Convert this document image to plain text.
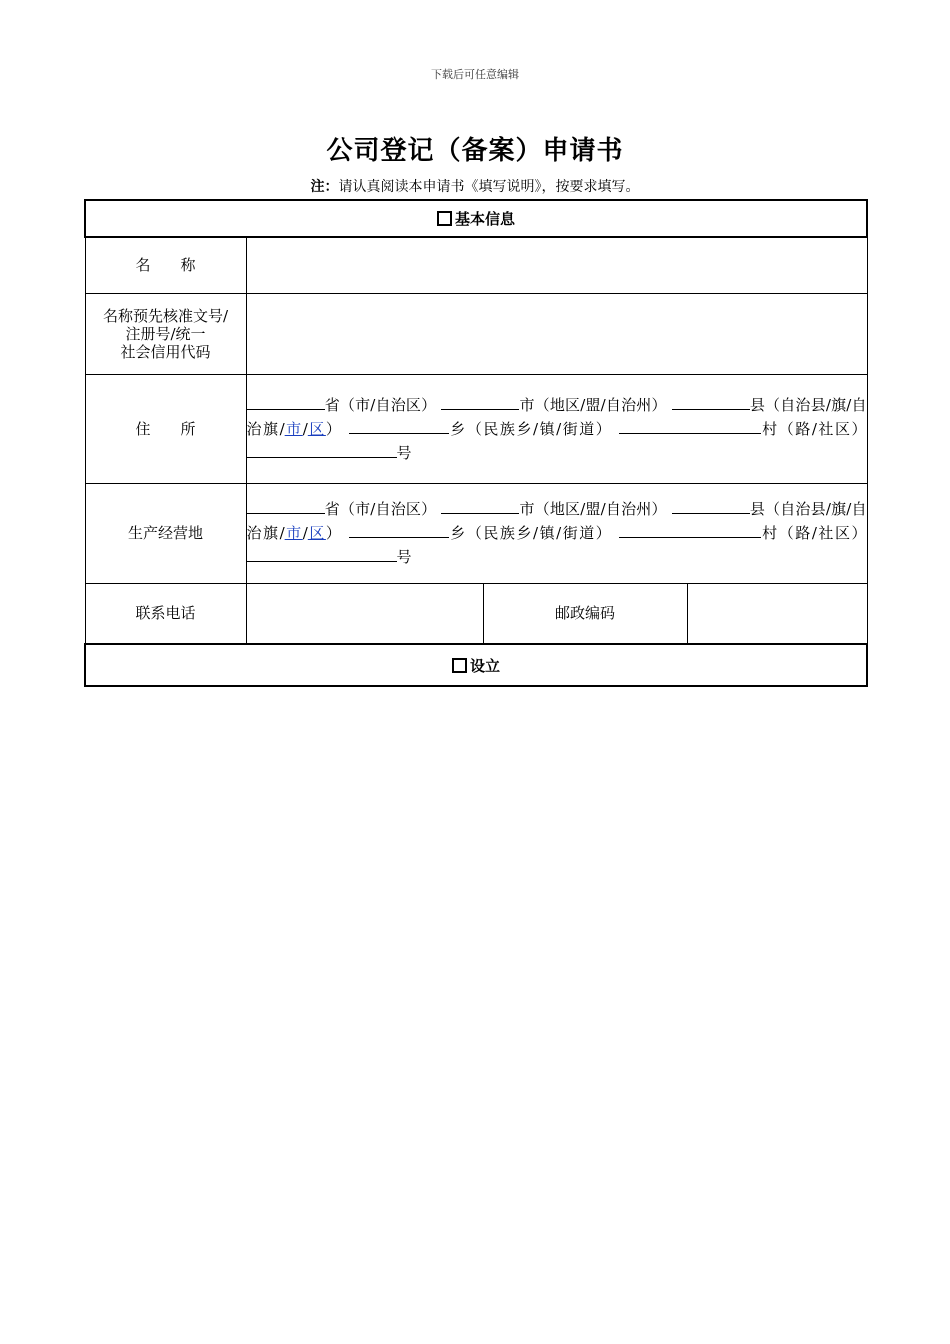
下载后可任意编辑
公司登记（备案）申请书
注：请认真阅读本申请书《填写说明》，按要求填写。
基本信息			
名　　称			

名称预先核准文号/
注册号/统一
社会信用代码			

住　　所	省（市/自治区） 市（地区/盟/自治州） 县（自治县/旗/自治旗/市/区） 乡（民族乡/镇/街道） 村（路/社区） 号		
生产经营地	省（市/自治区） 市（地区/盟/自治州） 县（自治县/旗/自治旗/市/区） 乡（民族乡/镇/街道） 村（路/社区） 号		
联系电话		邮政编码	
设立			
